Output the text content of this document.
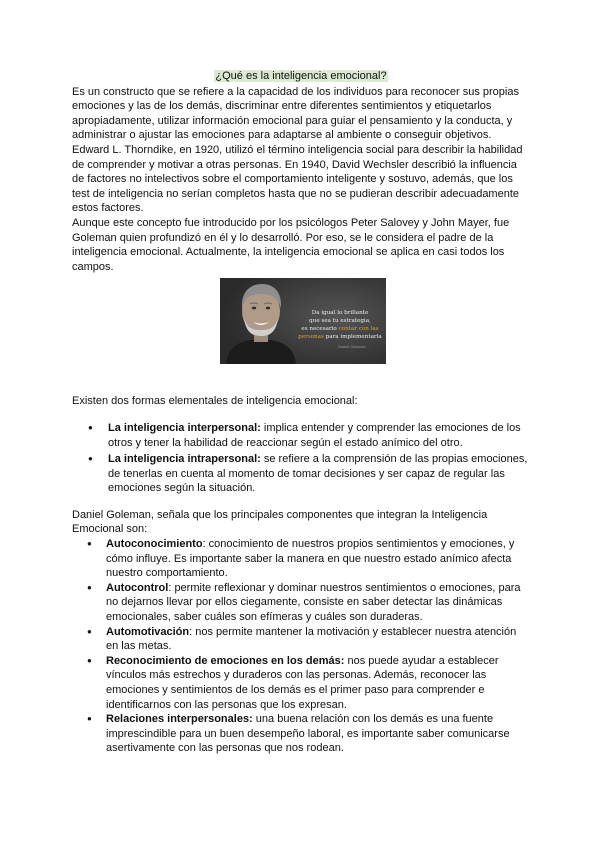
¿Qué es la inteligencia emocional?

Es un constructo que se refiere a la capacidad de los individuos para reconocer sus propias emociones y las de los demás, discriminar entre diferentes sentimientos y etiquetarlos apropiadamente, utilizar información emocional para guiar el pensamiento y la conducta, y administrar o ajustar las emociones para adaptarse al ambiente o conseguir objetivos.

Edward L. Thorndike, en 1920, utilizó el término inteligencia social para describir la habilidad de comprender y motivar a otras personas. En 1940, David Wechsler describió la influencia de factores no intelectivos sobre el comportamiento inteligente y sostuvo, además, que los test de inteligencia no serían completos hasta que no se pudieran describir adecuadamente estos factores.

Aunque este concepto fue introducido por los psicólogos Peter Salovey y John Mayer, fue Goleman quien profundizó en él y lo desarrolló. Por eso, se le considera el padre de la inteligencia emocional. Actualmente, la inteligencia emocional se aplica en casi todos los campos.

Da igual lo brillante
que sea tu estrategia,
es necesario contar con las
personas para implementarla
Daniel Goleman

Existen dos formas elementales de inteligencia emocional:

● La inteligencia interpersonal: implica entender y comprender las emociones de los otros y tener la habilidad de reaccionar según el estado anímico del otro.
● La inteligencia intrapersonal: se refiere a la comprensión de las propias emociones, de tenerlas en cuenta al momento de tomar decisiones y ser capaz de regular las emociones según la situación.

Daniel Goleman, señala que los principales componentes que integran la Inteligencia Emocional son:

● Autoconocimiento: conocimiento de nuestros propios sentimientos y emociones, y cómo influye. Es importante saber la manera en que nuestro estado anímico afecta nuestro comportamiento.
● Autocontrol: permite reflexionar y dominar nuestros sentimientos o emociones, para no dejarnos llevar por ellos ciegamente, consiste en saber detectar las dinámicas emocionales, saber cuáles son efímeras y cuáles son duraderas.
● Automotivación: nos permite mantener la motivación y establecer nuestra atención en las metas.
● Reconocimiento de emociones en los demás: nos puede ayudar a establecer vínculos más estrechos y duraderos con las personas. Además, reconocer las emociones y sentimientos de los demás es el primer paso para comprender e identificarnos con las personas que los expresan.
● Relaciones interpersonales: una buena relación con los demás es una fuente imprescindible para un buen desempeño laboral, es importante saber comunicarse asertivamente con las personas que nos rodean.
